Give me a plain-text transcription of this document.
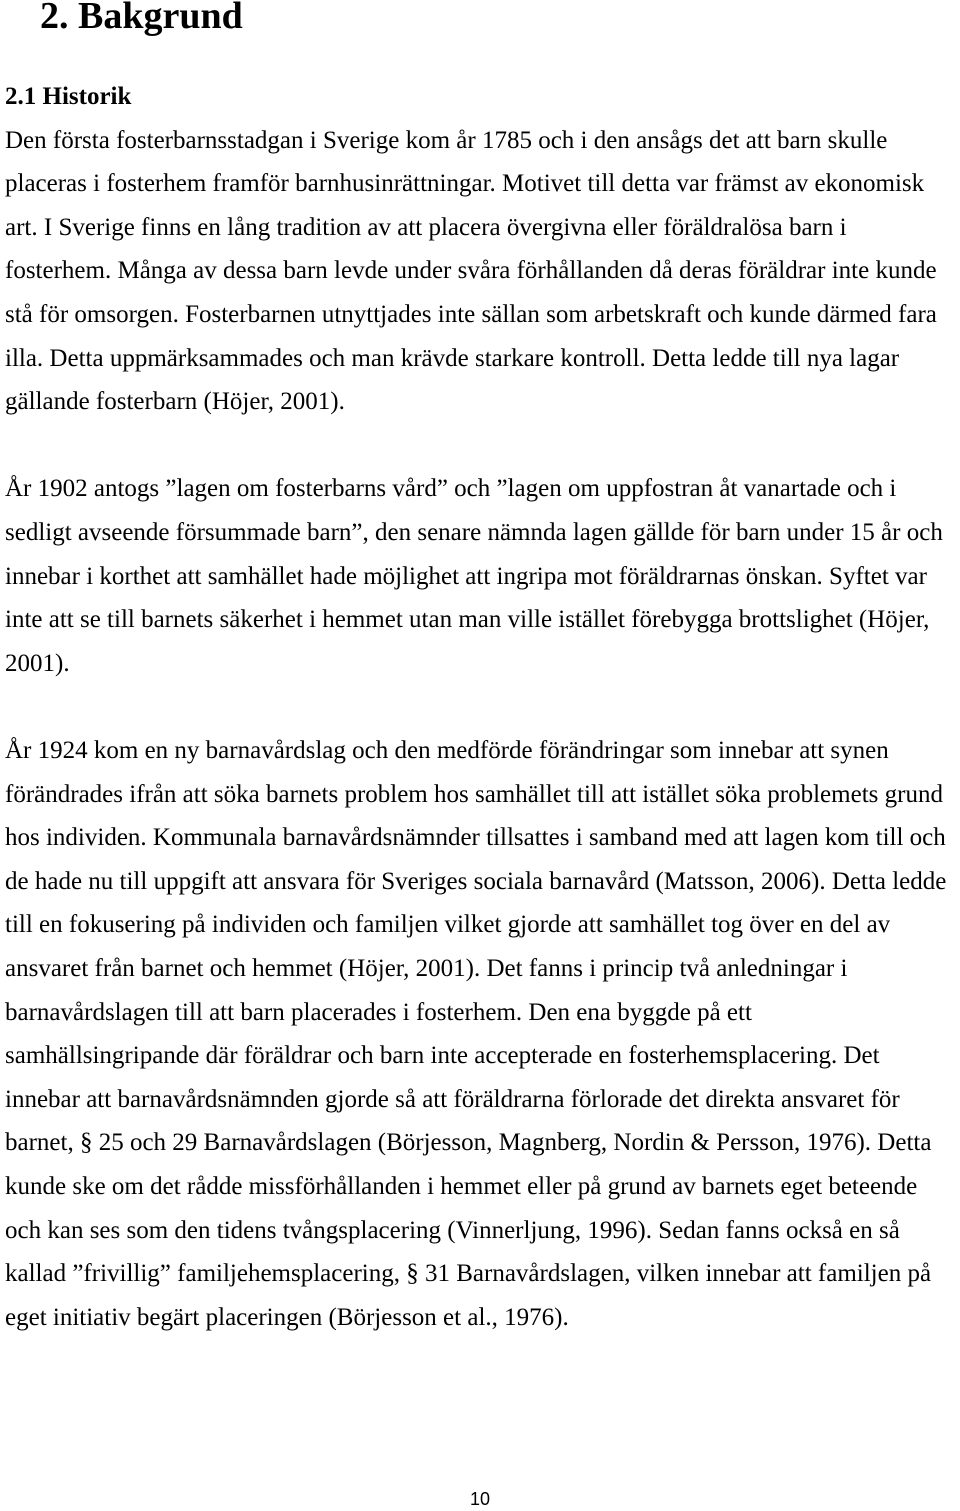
2. Bakgrund
2.1 Historik
Den första fosterbarnsstadgan i Sverige kom år 1785 och i den ansågs det att barn skulle
placeras i fosterhem framför barnhusinrättningar. Motivet till detta var främst av ekonomisk
art. I Sverige finns en lång tradition av att placera övergivna eller föräldralösa barn i
fosterhem. Många av dessa barn levde under svåra förhållanden då deras föräldrar inte kunde
stå för omsorgen. Fosterbarnen utnyttjades inte sällan som arbetskraft och kunde därmed fara
illa. Detta uppmärksammades och man krävde starkare kontroll. Detta ledde till nya lagar
gällande fosterbarn (Höjer, 2001).
År 1902 antogs ”lagen om fosterbarns vård” och ”lagen om uppfostran åt vanartade och i
sedligt avseende försummade barn”, den senare nämnda lagen gällde för barn under 15 år och
innebar i korthet att samhället hade möjlighet att ingripa mot föräldrarnas önskan. Syftet var
inte att se till barnets säkerhet i hemmet utan man ville istället förebygga brottslighet (Höjer,
2001).
År 1924 kom en ny barnavårdslag och den medförde förändringar som innebar att synen
förändrades ifrån att söka barnets problem hos samhället till att istället söka problemets grund
hos individen. Kommunala barnavårdsnämnder tillsattes i samband med att lagen kom till och
de hade nu till uppgift att ansvara för Sveriges sociala barnavård (Matsson, 2006). Detta ledde
till en fokusering på individen och familjen vilket gjorde att samhället tog över en del av
ansvaret från barnet och hemmet (Höjer, 2001). Det fanns i princip två anledningar i
barnavårdslagen till att barn placerades i fosterhem. Den ena byggde på ett
samhällsingripande där föräldrar och barn inte accepterade en fosterhemsplacering. Det
innebar att barnavårdsnämnden gjorde så att föräldrarna förlorade det direkta ansvaret för
barnet, § 25 och 29 Barnavårdslagen (Börjesson, Magnberg, Nordin & Persson, 1976). Detta
kunde ske om det rådde missförhållanden i hemmet eller på grund av barnets eget beteende
och kan ses som den tidens tvångsplacering (Vinnerljung, 1996). Sedan fanns också en så
kallad ”frivillig” familjehemsplacering, § 31 Barnavårdslagen, vilken innebar att familjen på
eget initiativ begärt placeringen (Börjesson et al., 1976).
10
